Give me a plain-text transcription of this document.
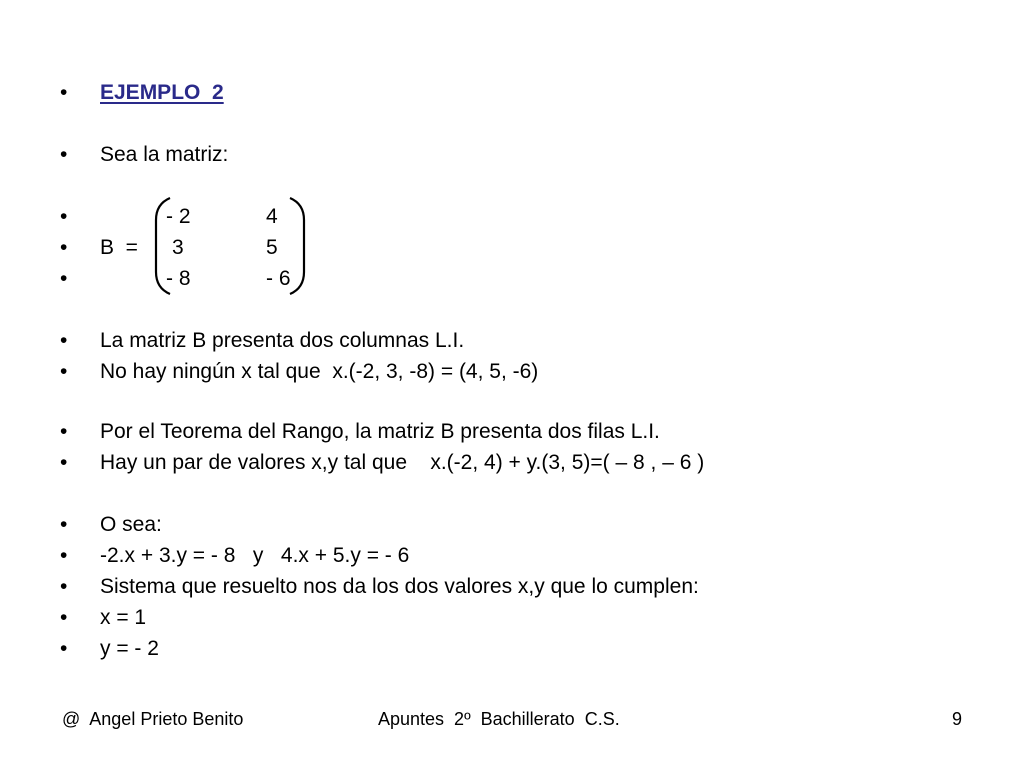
•
•
•
•
•
•
•
•
•
•
•
•
•
•
EJEMPLO  2
Sea la matriz:
B  =
- 2	4
3	5
- 8	- 6
La matriz B presenta dos columnas L.I.
No hay ningún x tal que  x.(-2, 3, -8) = (4, 5, -6)
Por el Teorema del Rango, la matriz B presenta dos filas L.I.
Hay un par de valores x,y tal que    x.(-2, 4) + y.(3, 5)=( – 8 , – 6 )
O sea:
-2.x + 3.y = - 8   y   4.x + 5.y = - 6
Sistema que resuelto nos da los dos valores x,y que lo cumplen:
x = 1
y = - 2
@  Angel Prieto Benito	Apuntes  2º  Bachillerato  C.S.	9
